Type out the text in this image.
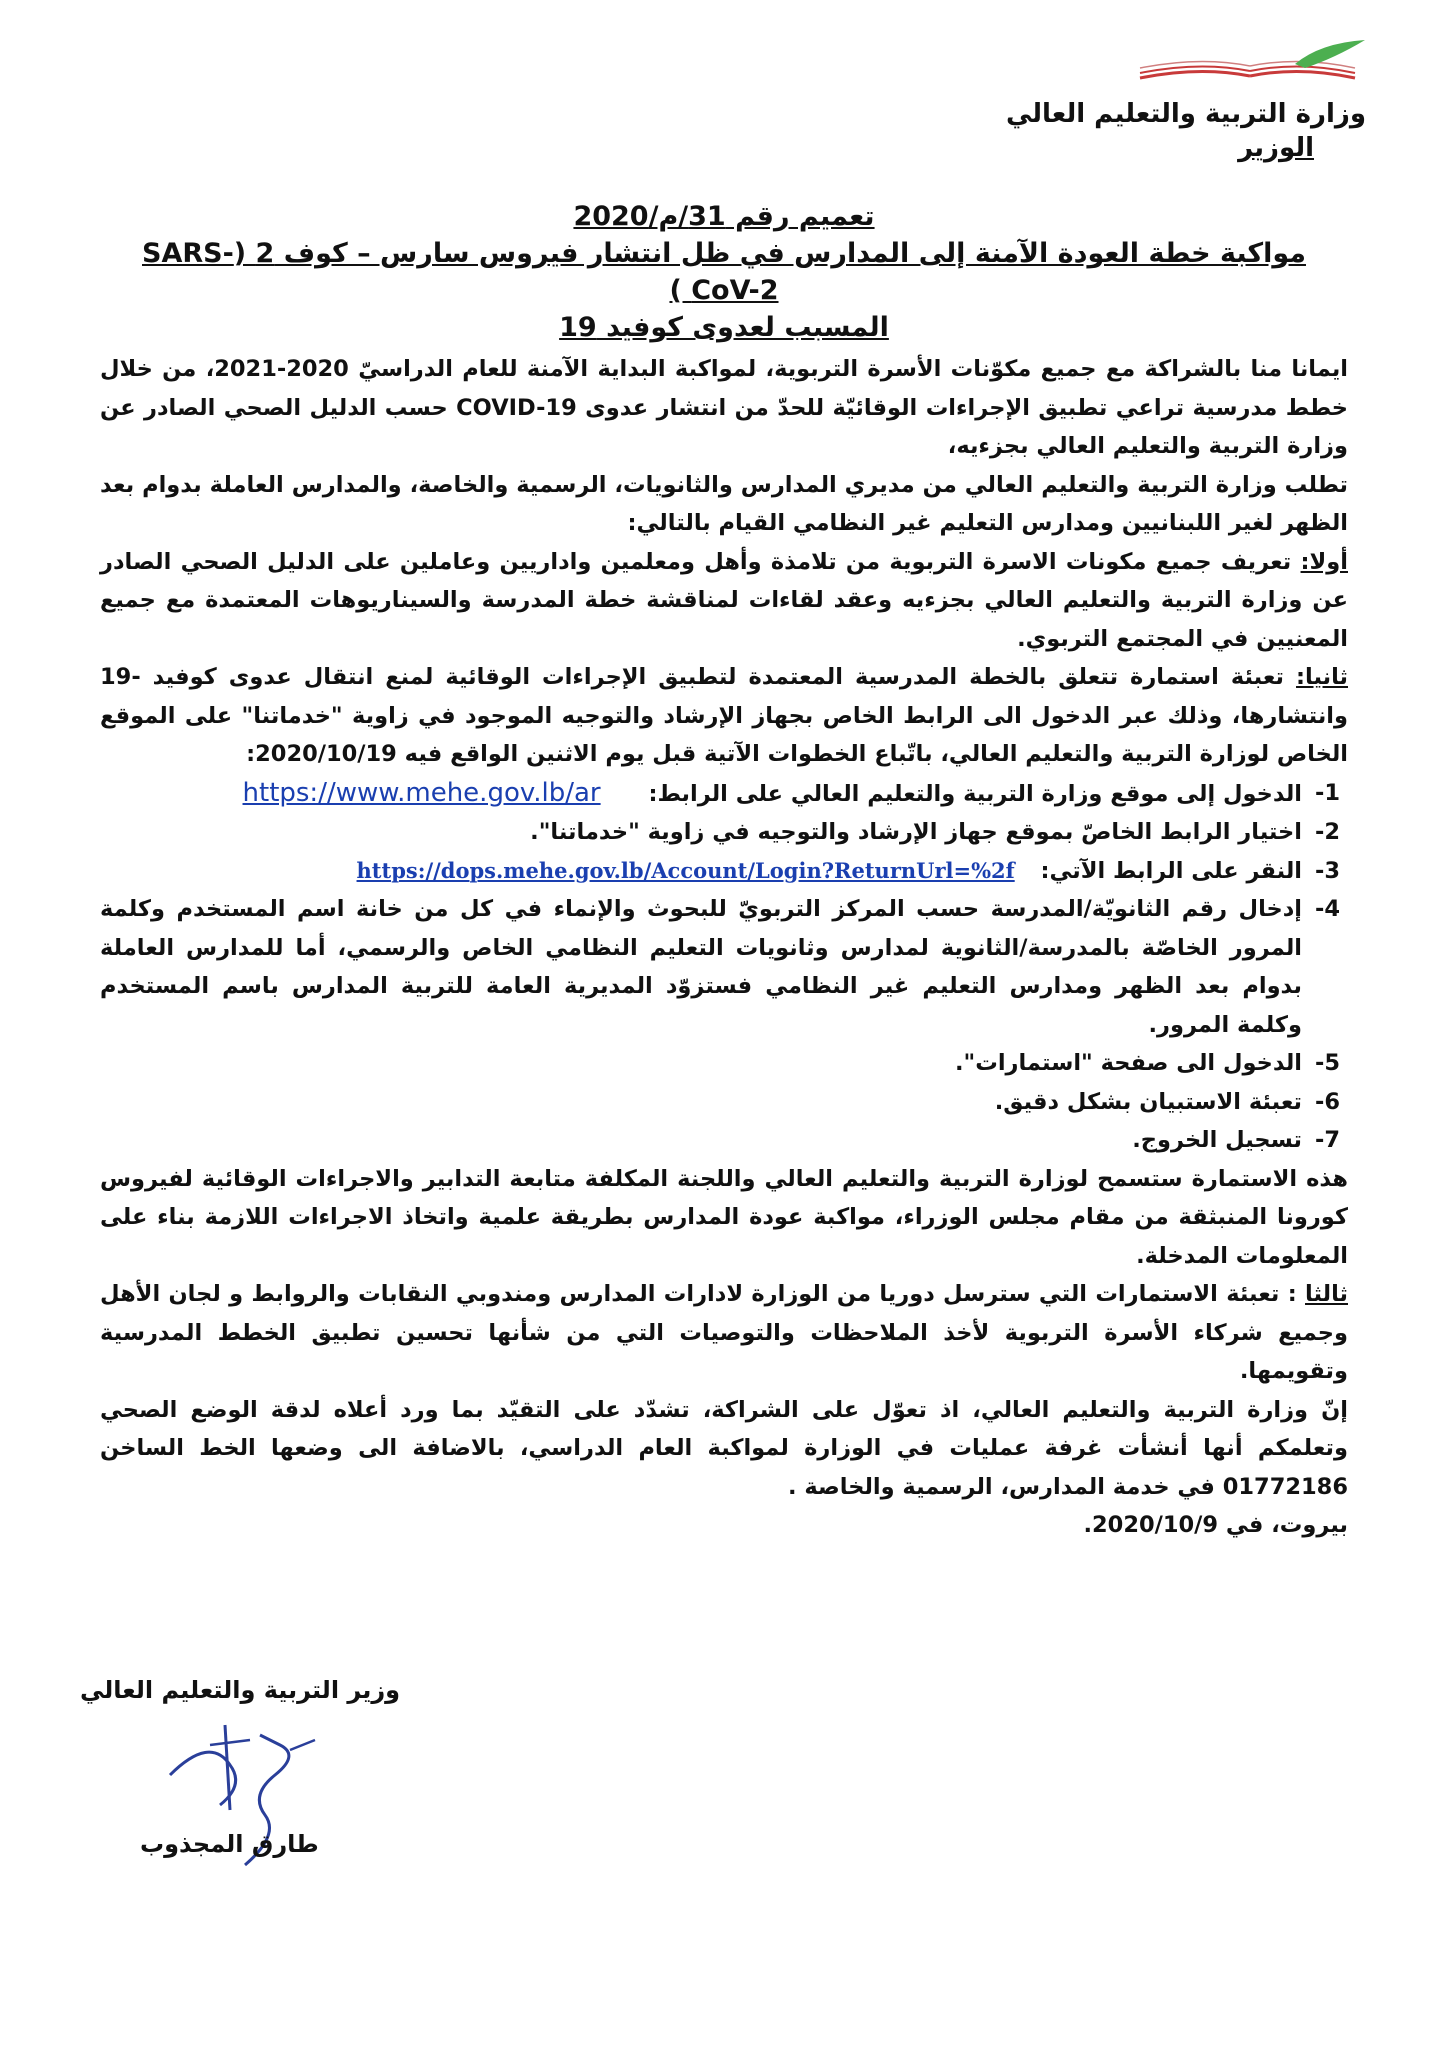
وزارة التربية والتعليم العالي
الوزير
تعميم رقم 31/م/2020
مواكبة خطة العودة الآمنة إلى المدارس في ظل انتشار فيروس سارس – كوف 2 (SARS-CoV-2 )
المسبب لعدوى كوفيد 19

ايمانا منا بالشراكة مع جميع مكوّنات الأسرة التربوية، لمواكبة البداية الآمنة للعام الدراسيّ 2020-2021، من خلال خطط مدرسية تراعي تطبيق الإجراءات الوقائيّة للحدّ من انتشار عدوى COVID-19 حسب الدليل الصحي الصادر عن وزارة التربية والتعليم العالي بجزءيه،

تطلب وزارة التربية والتعليم العالي من مديري المدارس والثانويات، الرسمية والخاصة، والمدارس العاملة بدوام بعد الظهر لغير اللبنانيين ومدارس التعليم غير النظامي القيام بالتالي:

أولا: تعريف جميع مكونات الاسرة التربوية من تلامذة وأهل ومعلمين واداريين وعاملين على الدليل الصحي الصادر عن وزارة التربية والتعليم العالي بجزءيه وعقد لقاءات لمناقشة خطة المدرسة والسيناريوهات المعتمدة مع جميع المعنيين في المجتمع التربوي.

ثانيا: تعبئة استمارة تتعلق بالخطة المدرسية المعتمدة لتطبيق الإجراءات الوقائية لمنع انتقال عدوى كوفيد -19 وانتشارها، وذلك عبر الدخول الى الرابط الخاص بجهاز الإرشاد والتوجيه الموجود في زاوية "خدماتنا" على الموقع الخاص لوزارة التربية والتعليم العالي، باتّباع الخطوات الآتية قبل يوم الاثنين الواقع فيه 2020/10/19:

1-
الدخول إلى موقع وزارة التربية والتعليم العالي على الرابط: https://www.mehe.gov.lb/ar
2-
اختيار الرابط الخاصّ بموقع جهاز الإرشاد والتوجيه في زاوية "خدماتنا".
3-
النقر على الرابط الآتي: https://dops.mehe.gov.lb/Account/Login?ReturnUrl=%2f
4-
إدخال رقم الثانويّة/المدرسة حسب المركز التربويّ للبحوث والإنماء في كل من خانة اسم المستخدم وكلمة المرور الخاصّة بالمدرسة/الثانوية لمدارس وثانويات التعليم النظامي الخاص والرسمي، أما للمدارس العاملة بدوام بعد الظهر ومدارس التعليم غير النظامي فستزوّد المديرية العامة للتربية المدارس باسم المستخدم وكلمة المرور.
5-
الدخول الى صفحة "استمارات".
6-
تعبئة الاستبيان بشكل دقيق.
7-
تسجيل الخروج.

هذه الاستمارة ستسمح لوزارة التربية والتعليم العالي واللجنة المكلفة متابعة التدابير والاجراءات الوقائية لفيروس كورونا المنبثقة من مقام مجلس الوزراء، مواكبة عودة المدارس بطريقة علمية واتخاذ الاجراءات اللازمة بناء على المعلومات المدخلة.

ثالثا : تعبئة الاستمارات التي سترسل دوريا من الوزارة لادارات المدارس ومندوبي النقابات والروابط و لجان الأهل وجميع شركاء الأسرة التربوية لأخذ الملاحظات والتوصيات التي من شأنها تحسين تطبيق الخطط المدرسية وتقويمها.

إنّ وزارة التربية والتعليم العالي، اذ تعوّل على الشراكة، تشدّد على التقيّد بما ورد أعلاه لدقة الوضع الصحي وتعلمكم أنها أنشأت غرفة عمليات في الوزارة لمواكبة العام الدراسي، بالاضافة الى وضعها الخط الساخن 01772186 في خدمة المدارس، الرسمية والخاصة .

بيروت، في 2020/10/9.

وزير التربية والتعليم العالي
طارق المجذوب
